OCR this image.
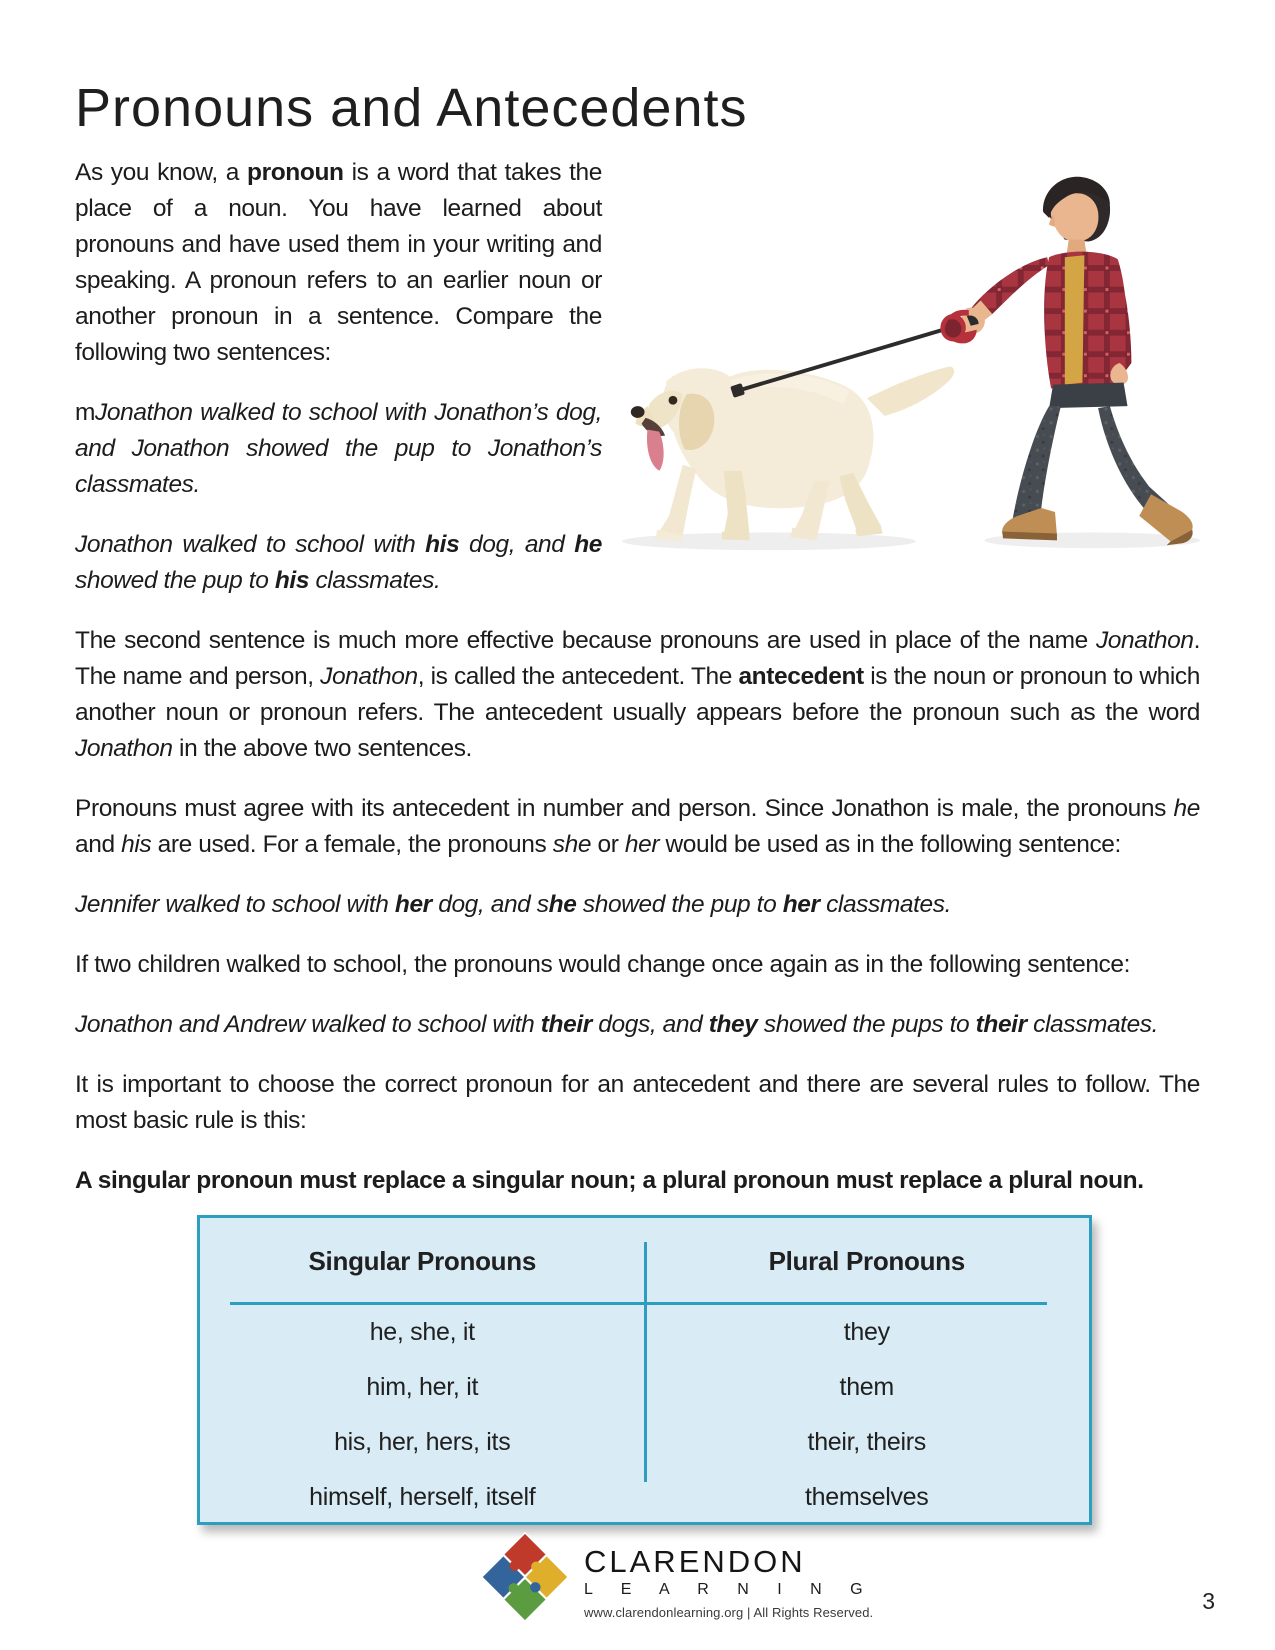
Pronouns and Antecedents

As you know, a pronoun is a word that takes the place of a noun. You have learned about pronouns and have used them in your writing and speaking. A pronoun refers to an earlier noun or another pronoun in a sentence. Compare the following two sentences:

mJonathon walked to school with Jonathon’s dog, and Jonathon showed the pup to Jonathon’s classmates.

Jonathon walked to school with his dog, and he showed the pup to his classmates.

The second sentence is much more effective because pronouns are used in place of the name Jonathon. The name and person, Jonathon, is called the antecedent. The antecedent is the noun or pronoun to which another noun or pronoun refers. The antecedent usually appears before the pronoun such as the word Jonathon in the above two sentences.

Pronouns must agree with its antecedent in number and person. Since Jonathon is male, the pronouns he and his are used. For a female, the pronouns she or her would be used as in the following sentence:

Jennifer walked to school with her dog, and she showed the pup to her classmates.

If two children walked to school, the pronouns would change once again as in the following sentence:

Jonathon and Andrew walked to school with their dogs, and they showed the pups to their classmates.

It is important to choose the correct pronoun for an antecedent and there are several rules to follow. The most basic rule is this:

A singular pronoun must replace a singular noun; a plural pronoun must replace a plural noun.

Singular Pronouns	Plural Pronouns
he, she, it	they
him, her, it	them
his, her, hers, its	their, theirs
himself, herself, itself	themselves
CLARENDON
L E A R N I N G
www.clarendonlearning.org | All Rights Reserved.	3
